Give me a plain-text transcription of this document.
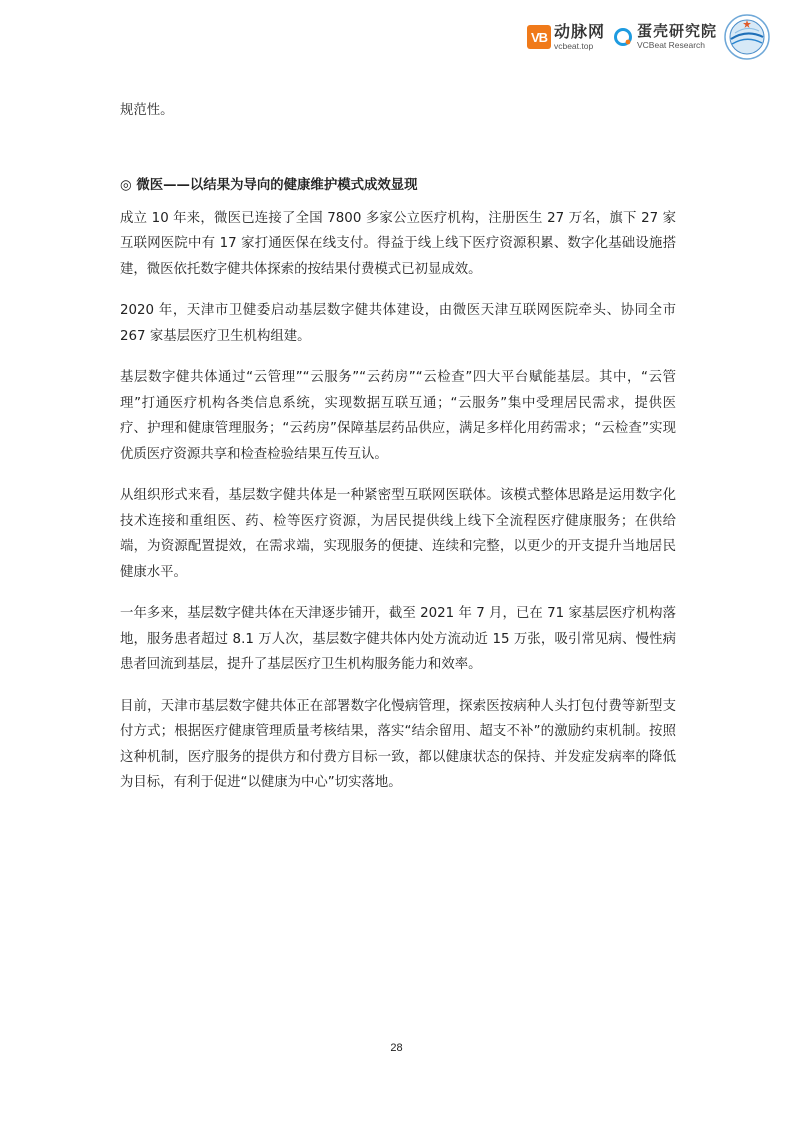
VB 动脉网
vcbeat.top
蛋壳研究院
VCBeat Research

规范性。

◎ 微医——以结果为导向的健康维护模式成效显现

成立 10 年来，微医已连接了全国 7800 多家公立医疗机构，注册医生 27 万名，旗下 27 家互联网医院中有 17 家打通医保在线支付。得益于线上线下医疗资源积累、数字化基础设施搭建，微医依托数字健共体探索的按结果付费模式已初显成效。

2020 年，天津市卫健委启动基层数字健共体建设，由微医天津互联网医院牵头、协同全市 267 家基层医疗卫生机构组建。

基层数字健共体通过“云管理”“云服务”“云药房”“云检查”四大平台赋能基层。其中，“云管理”打通医疗机构各类信息系统，实现数据互联互通；“云服务”集中受理居民需求，提供医疗、护理和健康管理服务；“云药房”保障基层药品供应，满足多样化用药需求；“云检查”实现优质医疗资源共享和检查检验结果互传互认。

从组织形式来看，基层数字健共体是一种紧密型互联网医联体。该模式整体思路是运用数字化技术连接和重组医、药、检等医疗资源，为居民提供线上线下全流程医疗健康服务；在供给端，为资源配置提效，在需求端，实现服务的便捷、连续和完整，以更少的开支提升当地居民健康水平。

一年多来，基层数字健共体在天津逐步铺开，截至 2021 年 7 月，已在 71 家基层医疗机构落地，服务患者超过 8.1 万人次，基层数字健共体内处方流动近 15 万张，吸引常见病、慢性病患者回流到基层，提升了基层医疗卫生机构服务能力和效率。

目前，天津市基层数字健共体正在部署数字化慢病管理，探索医按病种人头打包付费等新型支付方式；根据医疗健康管理质量考核结果，落实“结余留用、超支不补”的激励约束机制。按照这种机制，医疗服务的提供方和付费方目标一致，都以健康状态的保持、并发症发病率的降低为目标，有利于促进“以健康为中心”切实落地。

28
